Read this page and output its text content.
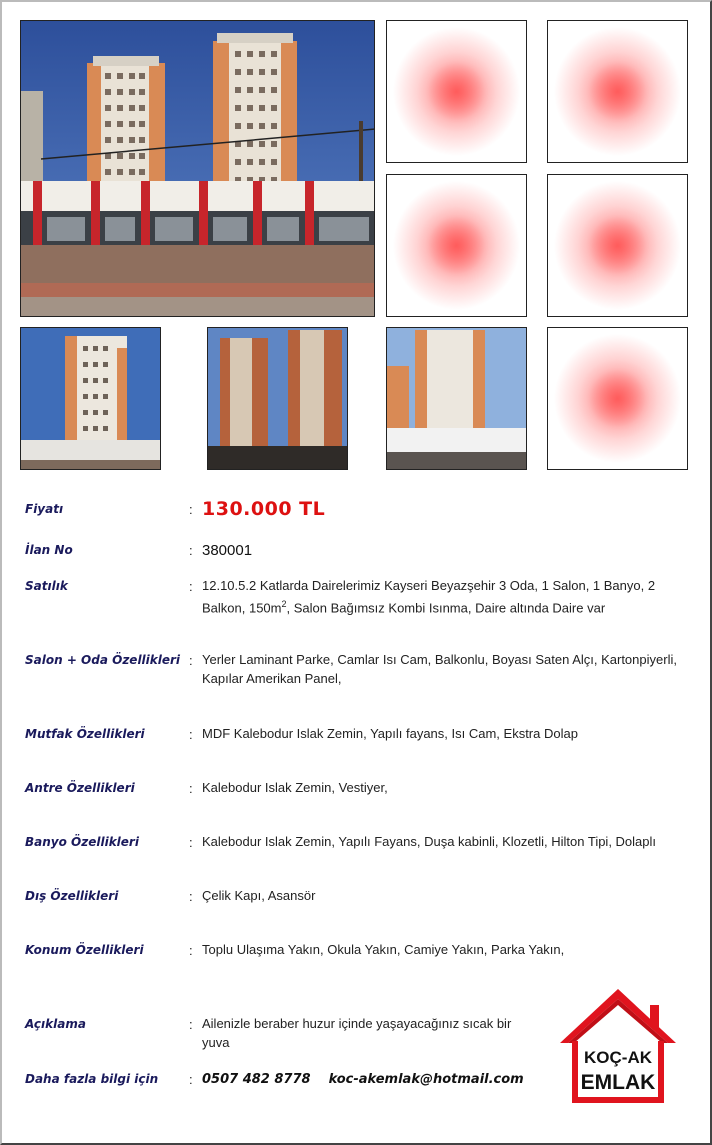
Fiyatı	: 130.000 TL
İlan No	: 380001
Satılık	: 12.10.5.2 Katlarda Dairelerimiz Kayseri Beyazşehir 3 Oda, 1 Salon, 1 Banyo, 2
Balkon, $150m^2$, Salon Bağımsız Kombi Isınma, Daire altında Daire var
Salon + Oda Özellikleri : Yerler Laminant Parke, Camlar Isı Cam, Balkonlu, Boyası Saten Alçı, Kartonpiyerli, Kapılar Amerikan Panel,
Mutfak Özellikleri	: MDF Kalebodur Islak Zemin, Yapılı fayans, Isı Cam, Ekstra Dolap
Antre Özellikleri	: Kalebodur Islak Zemin, Vestiyer,
Banyo Özellikleri	: Kalebodur Islak Zemin, Yapılı Fayans, Duşa kabinli, Klozetli, Hilton Tipi, Dolaplı
Dış Özellikleri	: Çelik Kapı, Asansör
Konum Özellikleri	: Toplu Ulaşıma Yakın, Okula Yakın, Camiye Yakın, Parka Yakın,
Açıklama	: Ailenizle beraber huzur içinde yaşayacağınız sıcak bir yuva
Daha fazla bilgi için : 0507 482 8778 koc-akemlak@hotmail.com
KOÇ-AK
EMLAK
